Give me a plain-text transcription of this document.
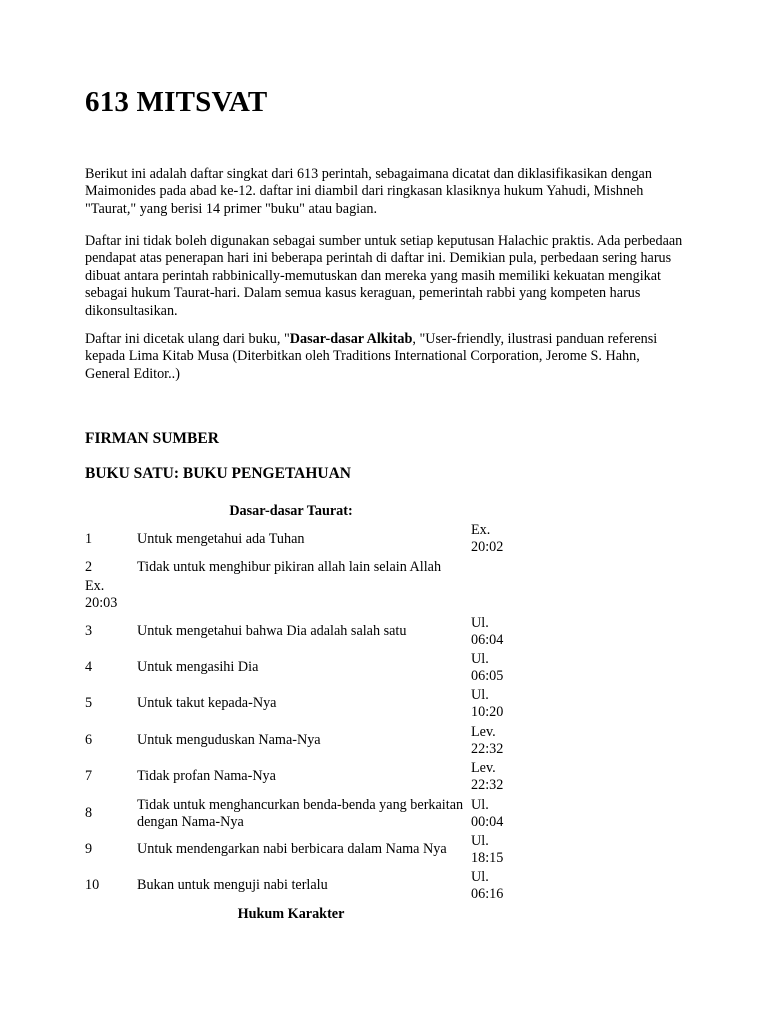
613 MITSVAT

Berikut ini adalah daftar singkat dari 613 perintah, sebagaimana dicatat dan diklasifikasikan dengan Maimonides pada abad ke-12. daftar ini diambil dari ringkasan klasiknya hukum Yahudi, Mishneh "Taurat," yang berisi 14 primer "buku" atau bagian.

Daftar ini tidak boleh digunakan sebagai sumber untuk setiap keputusan Halachic praktis. Ada perbedaan pendapat atas penerapan hari ini beberapa perintah di daftar ini. Demikian pula, perbedaan sering harus dibuat antara perintah rabbinically-memutuskan dan mereka yang masih memiliki kekuatan mengikat sebagai hukum Taurat-hari. Dalam semua kasus keraguan, pemerintah rabbi yang kompeten harus dikonsultasikan.

Daftar ini dicetak ulang dari buku, "Dasar-dasar Alkitab, "User-friendly, ilustrasi panduan referensi kepada Lima Kitab Musa (Diterbitkan oleh Traditions International Corporation, Jerome S. Hahn, General Editor..)

FIRMAN SUMBER
BUKU SATU: BUKU PENGETAHUAN
Dasar-dasar Taurat:
1	Untuk mengetahui ada Tuhan
Ex.
20:02
2	Tidak untuk menghibur pikiran allah lain selain Allah
Ex.
20:03
3	Untuk mengetahui bahwa Dia adalah salah satu	Ul.
06:04
4	Untuk mengasihi Dia	Ul.
06:05
5	Untuk takut kepada-Nya	Ul.
10:20
6	Untuk menguduskan Nama-Nya	Lev.
22:32
7	Tidak profan Nama-Nya	Lev.
22:32
8	Tidak untuk menghancurkan benda-benda yang berkaitan dengan Nama-Nya
Ul.
00:04
9	Untuk mendengarkan nabi berbicara dalam Nama Nya	Ul.
18:15
10	Bukan untuk menguji nabi terlalu	Ul.
06:16
Hukum Karakter
